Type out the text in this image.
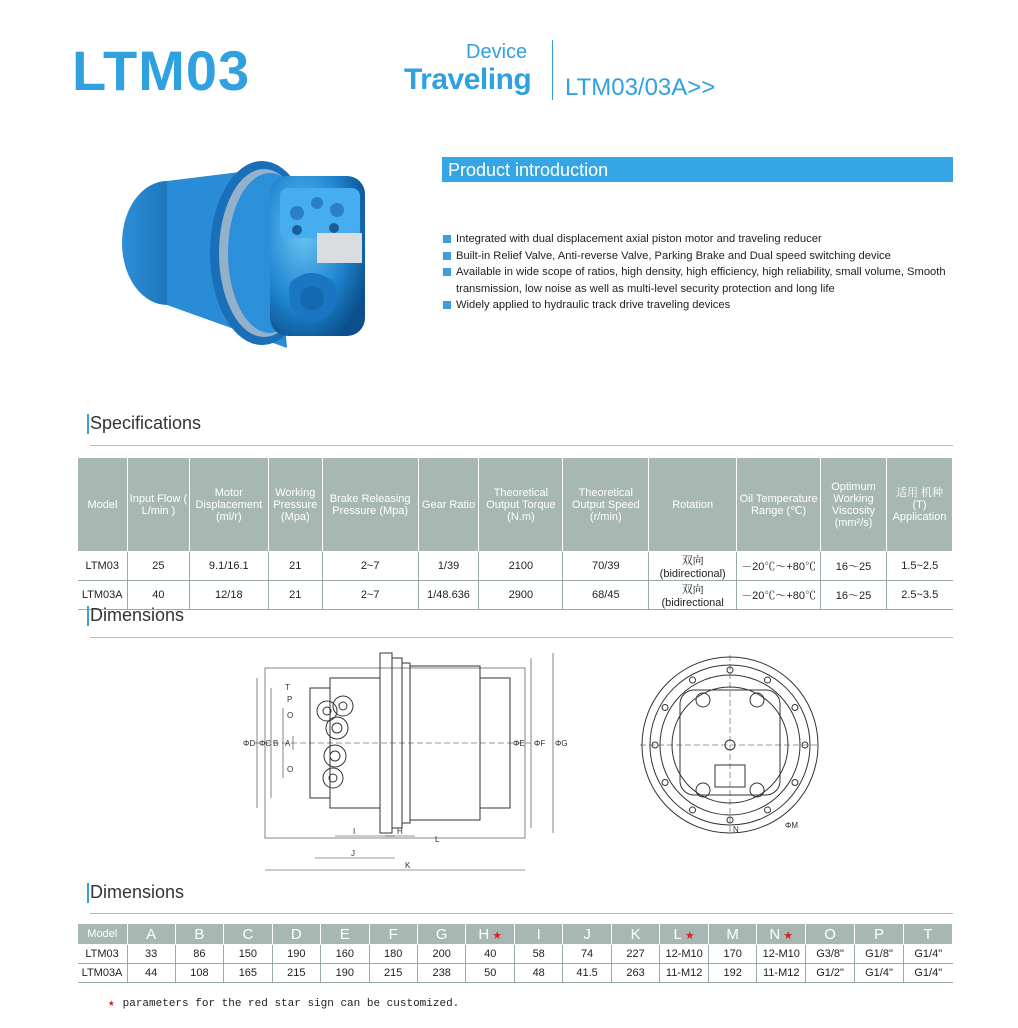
LTM03	Device
Traveling LTM03/03A>>
Product introduction
Integrated with dual displacement axial piston motor and traveling reducer
Built-in Relief Valve, Anti-reverse Valve, Parking Brake and Dual speed switching device
Available in wide scope of ratios, high density, high efficiency, high reliability, small volume, Smooth transmission, low noise as well as multi-level security protection and long life
Widely applied to hydraulic track drive traveling devices
Specifications
Model	Input Flow ( L/min )	Motor Displacement (ml/r)	Working Pressure (Mpa)	Brake Releasing Pressure (Mpa)	Gear Ratio	Theoretical Output Torque (N.m)	Theoretical Output Speed (r/min)	Rotation	Oil Temperature Range (℃)	Optimum Working Viscosity (mm²/s)	适用 机种 (T) Application
LTM03	25	9.1/16.1	21	2~7	1/39	2100	70/39	双向 (bidirectional)	－20℃～+80℃	16～25	1.5~2.5
LTM03A	40	12/18	21	2~7	1/48.636	2900	68/45	双向 (bidirectional	－20℃～+80℃	16～25	2.5~3.5
Dimensions
ΦD ΦC B A	ΦE ΦF ΦG
T
P
O
O
I	H
L
J
K
N	ΦM
Dimensions
Model	A	B	C	D	E	F	G	H ★	I	J	K	L ★	M	N ★	O	P	T
LTM03	33	86	150	190	160	180	200	40	58	74	227	12-M10	170	12-M10	G3/8"	G1/8"	G1/4"
LTM03A	44	108	165	215	190	215	238	50	48	41.5	263	11-M12	192	11-M12	G1/2"	G1/4"	G1/4"
★ parameters for the red star sign can be customized.
